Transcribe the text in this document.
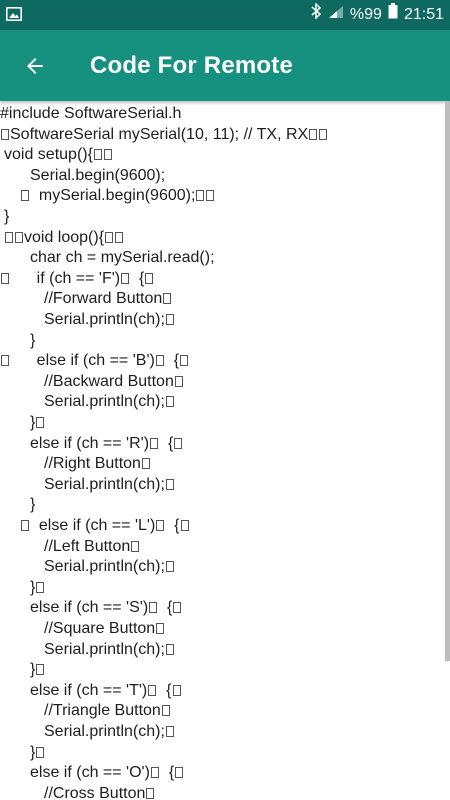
%99 21:51
Code For Remote
#include SoftwareSerial.h
SoftwareSerial mySerial(10, 11); // TX, RX
void setup(){
Serial.begin(9600);
mySerial.begin(9600);
}
void loop(){
char ch = mySerial.read();
if (ch == 'F')  {
//Forward Button
Serial.println(ch);
}
else if (ch == 'B')  {
//Backward Button
Serial.println(ch);
}
else if (ch == 'R')  {
//Right Button
Serial.println(ch);
}
else if (ch == 'L')  {
//Left Button
Serial.println(ch);
}
else if (ch == 'S')  {
//Square Button
Serial.println(ch);
}
else if (ch == 'T')  {
//Triangle Button
Serial.println(ch);
}
else if (ch == 'O')  {
//Cross Button
